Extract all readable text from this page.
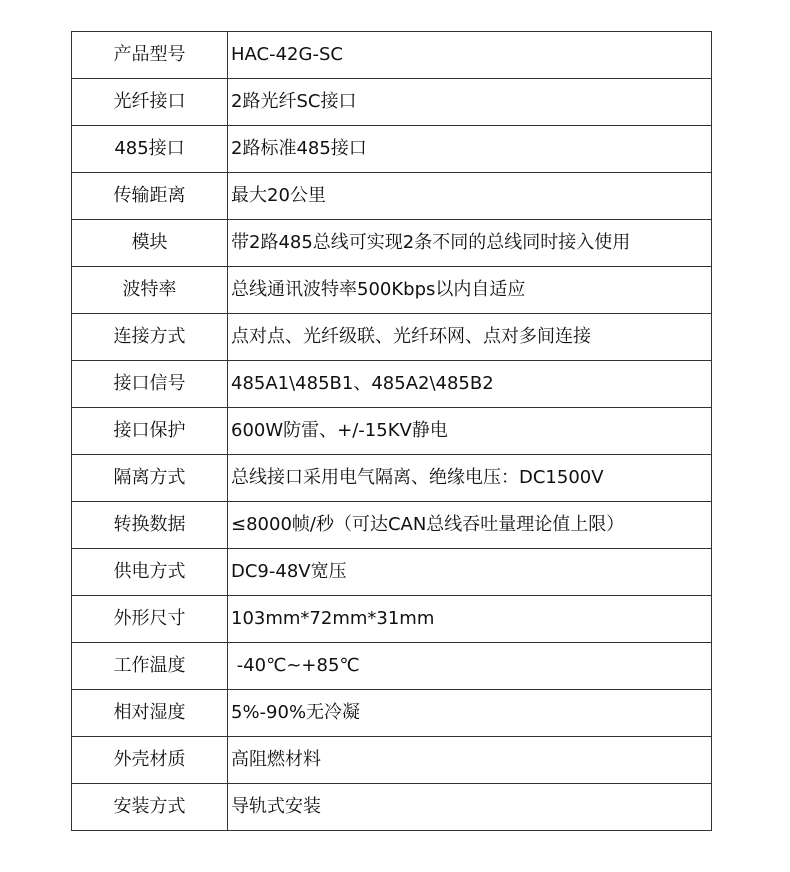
产品型号	HAC-42G-SC
光纤接口	2路光纤SC接口
485接口	2路标准485接口
传输距离	最大20公里
模块	带2路485总线可实现2条不同的总线同时接入使用
波特率	总线通讯波特率500Kbps以内自适应
连接方式	点对点、光纤级联、光纤环网、点对多间连接
接口信号	485A1\485B1、485A2\485B2
接口保护	600W防雷、+/-15KV静电
隔离方式	总线接口采用电气隔离、绝缘电压：DC1500V
转换数据	≤8000帧/秒（可达CAN总线吞吐量理论值上限）
供电方式	DC9-48V宽压
外形尺寸	103mm*72mm*31mm
工作温度	-40℃~+85℃
相对湿度	5%-90%无冷凝
外壳材质	高阻燃材料
安装方式	导轨式安装
